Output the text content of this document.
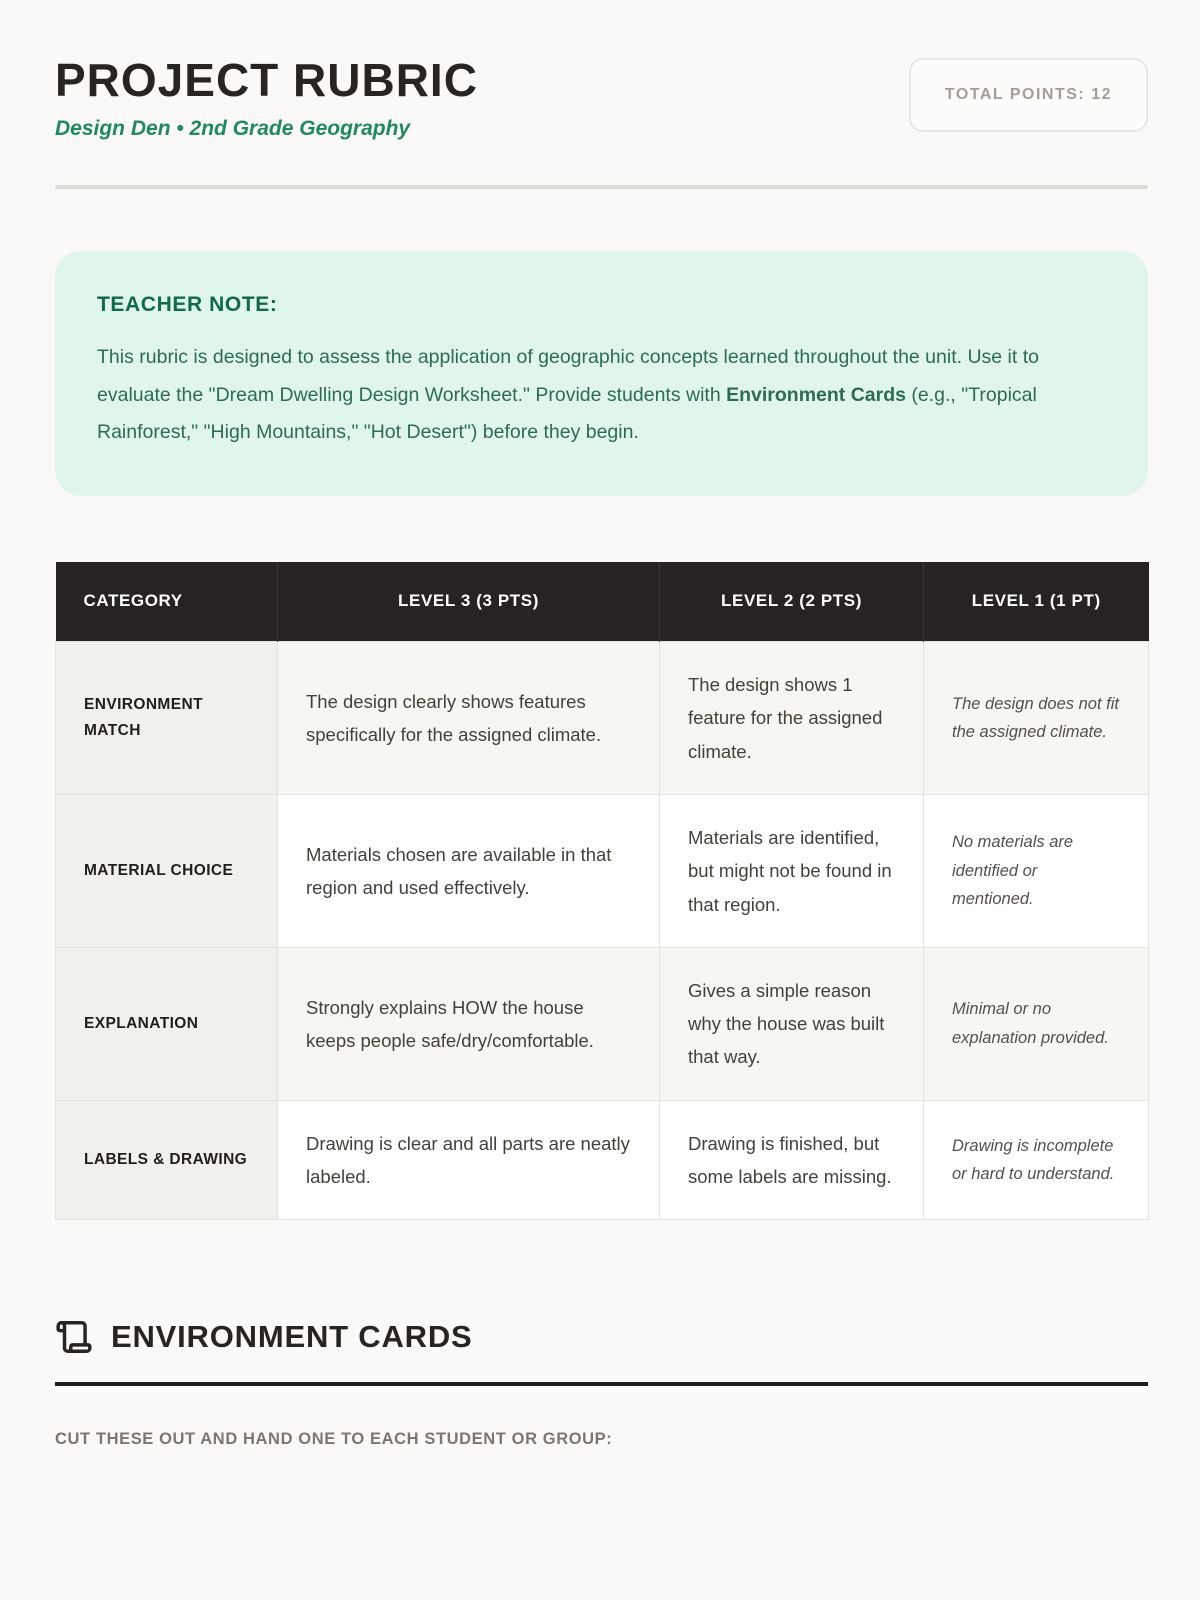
PROJECT RUBRIC
Design Den • 2nd Grade Geography
TOTAL POINTS: 12
TEACHER NOTE:
This rubric is designed to assess the application of geographic concepts learned throughout the unit. Use it to evaluate the "Dream Dwelling Design Worksheet." Provide students with Environment Cards (e.g., "Tropical Rainforest," "High Mountains," "Hot Desert") before they begin.
CATEGORY	LEVEL 3 (3 PTS)	LEVEL 2 (2 PTS)	LEVEL 1 (1 PT)
ENVIRONMENT MATCH	The design clearly shows features specifically for the assigned climate.	The design shows 1 feature for the assigned climate.	The design does not fit the assigned climate.
MATERIAL CHOICE	Materials chosen are available in that region and used effectively.	Materials are identified, but might not be found in that region.	No materials are identified or mentioned.
EXPLANATION	Strongly explains HOW the house keeps people safe/dry/comfortable.	Gives a simple reason why the house was built that way.	Minimal or no explanation provided.
LABELS & DRAWING	Drawing is clear and all parts are neatly labeled.	Drawing is finished, but some labels are missing.	Drawing is incomplete or hard to understand.
ENVIRONMENT CARDS
CUT THESE OUT AND HAND ONE TO EACH STUDENT OR GROUP:
